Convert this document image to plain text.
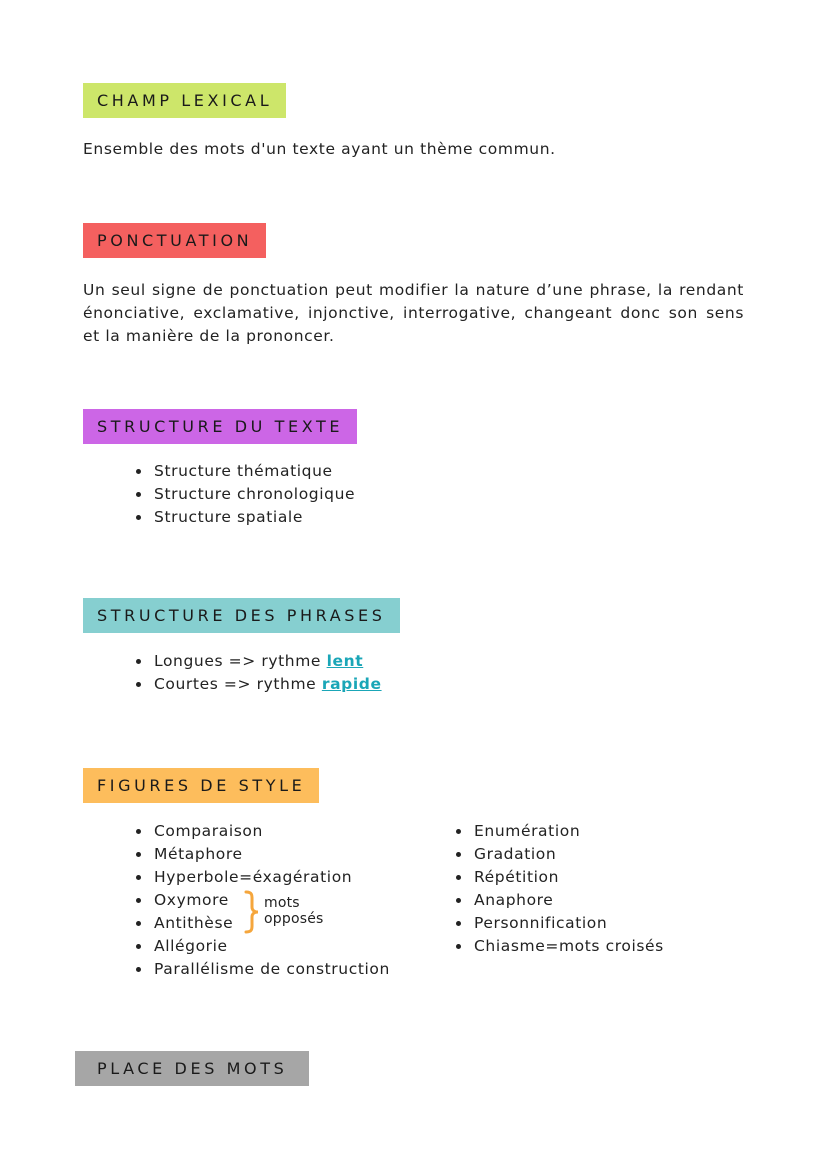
CHAMP LEXICAL

Ensemble des mots d'un texte ayant un thème commun.

PONCTUATION

Un seul signe de ponctuation peut modifier la nature d’une phrase, la rendant énonciative, exclamative, injonctive, interrogative, changeant donc son sens et la manière de la prononcer.

STRUCTURE DU TEXTE
Structure thématique
Structure chronologique
Structure spatiale
STRUCTURE DES PHRASES
Longues => rythme lent
Courtes => rythme rapide
FIGURES DE STYLE
Comparaison
Métaphore
Hyperbole=éxagération
Oxymore
Antithèse
Allégorie
Parallélisme de construction
mots
opposés
Enumération
Gradation
Répétition
Anaphore
Personnification
Chiasme=mots croisés
PLACE DES MOTS
